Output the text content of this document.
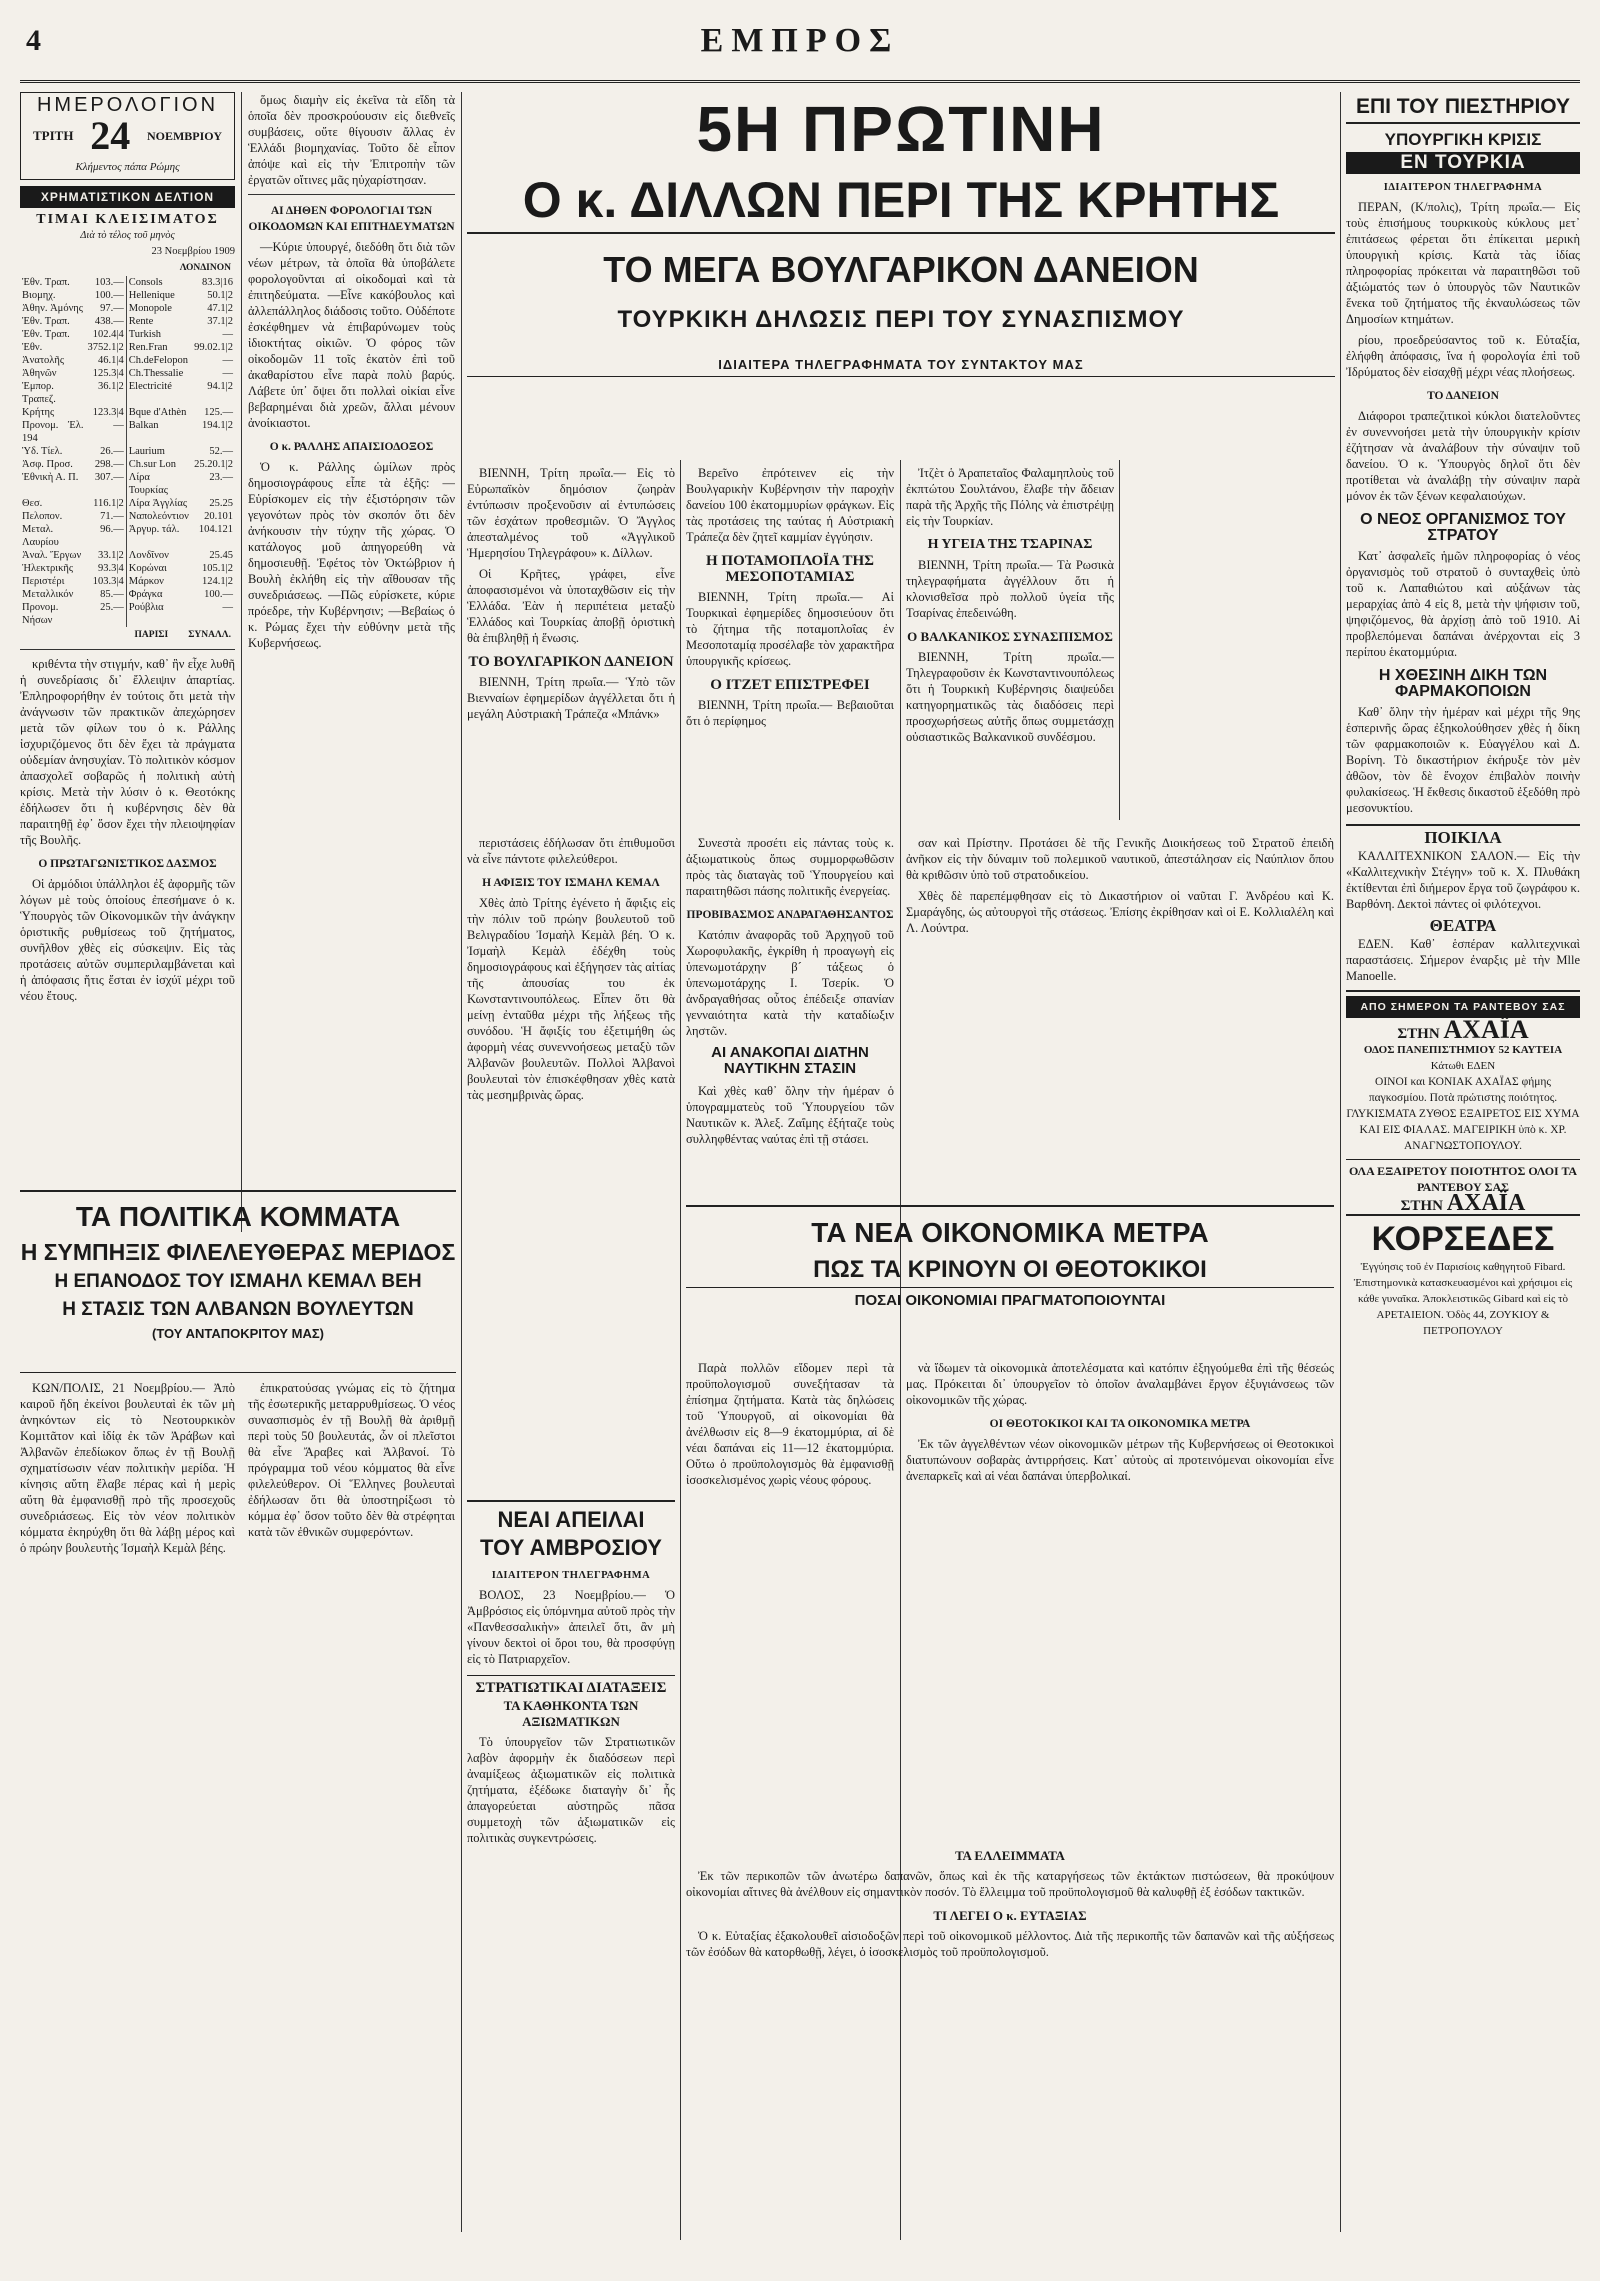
4	ΕΜΠΡΟΣ
ΗΜΕΡΟΛΟΓΙΟΝ
ΤΡΙΤΗ 24 ΝΟΕΜΒΡΙΟΥ
Κλήμεντος πάπα Ρώμης
ΧΡΗΜΑΤΙΣΤΙΚΟΝ ΔΕΛΤΙΟΝ
ΤΙΜΑΙ ΚΛΕΙΣΙΜΑΤΟΣ
Διὰ τὸ τέλος τοῦ μηνὸς
23 Νοεμβρίου 1909

ΛΟΝΔΙΝΟΝ
Ἐθν. Τραπ.	103.—	Consols	83.3|16
Βιομηχ.	100.—	Hellenique	50.1|2
Ἀθην. Ἀμόνης	97.—	Monopole	47.1|2
Ἐθν. Τραπ.	438.—	Rente	37.1|2
Ἐθν. Τραπ.	102.4|4	Turkish	—
Ἐθν.	3752.1|2	Ren.Fran	99.02.1|2
Ἀνατολῆς	46.1|4	Ch.deFelopon	—
Ἀθηνῶν	125.3|4	Ch.Thessalie	—
Ἐμπορ. Τραπεζ.	36.1|2	Electricité	94.1|2
Κρήτης	123.3|4	Bque d'Athèn	125.—
Προνομ. Ἐλ. 194	—	Balkan	194.1|2
Ὑδ. Τίελ.	26.—	Laurium	52.—
Ἀσφ. Προσ.	298.—	Ch.sur Lon	25.20.1|2
Ἐθνικὴ Α. Π.	307.—	Λίρα Τουρκίας	23.—
Θεσ.	116.1|2	Λίρα Ἀγγλίας	25.25
Πελοπον.	71.—	Ναπολεόντιον	20.101
Μεταλ. Λαυρίου	96.—	Ἀργυρ. τάλ.	104.121
Ἀναλ. Ἔργων	33.1|2	Λονδῖνον	25.45
Ἠλεκτρικῆς	93.3|4	Κορώναι	105.1|2
Περιστέρι	103.3|4	Μάρκον	124.1|2
Μεταλλικόν	85.—	Φράγκα	100.—
Προνομ. Νήσων	25.—	Ρούβλια	—
ΠΑΡΙΣΙ ΣΥΝΑΛΛ.

κριθέντα τὴν στιγμήν, καθ᾿ ἣν εἶχε λυθῆ ἡ συνεδρίασις δι᾿ ἔλλειψιν ἀπαρτίας. Ἐπληροφορήθην ἐν τούτοις ὅτι μετὰ τὴν ἀνάγνωσιν τῶν πρακτικῶν ἀπεχώρησεν μετὰ τῶν φίλων του ὁ κ. Ράλλης ἰσχυριζόμενος ὅτι δὲν ἔχει τὰ πράγματα οὐδεμίαν ἀνησυχίαν. Τὸ πολιτικὸν κόσμον ἀπασχολεῖ σοβαρῶς ἡ πολιτικὴ αὐτὴ κρίσις. Μετὰ τὴν λύσιν ὁ κ. Θεοτόκης ἐδήλωσεν ὅτι ἡ κυβέρνησις δὲν θὰ παραιτηθῇ ἐφ᾿ ὅσον ἔχει τὴν πλειοψηφίαν τῆς Βουλῆς.

Ο ΠΡΩΤΑΓΩΝΙΣΤΙΚΟΣ ΔΑΣΜΟΣ

Οἱ ἀρμόδιοι ὑπάλληλοι ἐξ ἀφορμῆς τῶν λόγων μὲ τοὺς ὁποίους ἐπεσήμανε ὁ κ. Ὑπουργὸς τῶν Οἰκονομικῶν τὴν ἀνάγκην ὁριστικῆς ρυθμίσεως τοῦ ζητήματος, συνῆλθον χθὲς εἰς σύσκεψιν. Εἰς τὰς προτάσεις αὐτῶν συμπεριλαμβάνεται καὶ ἡ ἀπόφασις ἥτις ἔσται ἐν ἰσχύϊ μέχρι τοῦ νέου ἔτους.

ὅμως διαμὴν εἰς ἐκεῖνα τὰ εἴδη τὰ ὁποῖα δὲν προσκρούουσιν εἰς διεθνεῖς συμβάσεις, οὔτε θίγουσιν ἄλλας ἐν Ἑλλάδι βιομηχανίας. Τοῦτο δὲ εἶπον ἀπόψε καὶ εἰς τὴν Ἐπιτροπὴν τῶν ἐργατῶν οἵτινες μᾶς ηὐχαρίστησαν.

ΑΙ ΔΗΘΕΝ ΦΟΡΟΛΟΓΙΑΙ ΤΩΝ ΟΙΚΟΔΟΜΩΝ ΚΑΙ ΕΠΙΤΗΔΕΥΜΑΤΩΝ

—Κύριε ὑπουργέ, διεδόθη ὅτι διὰ τῶν νέων μέτρων, τὰ ὁποῖα θὰ ὑποβάλετε φορολογοῦνται αἱ οἰκοδομαὶ καὶ τὰ ἐπιτηδεύματα. —Εἶνε κακόβουλος καὶ ἀλλεπάλληλος διάδοσις τοῦτο. Οὐδέποτε ἐσκέφθημεν νὰ ἐπιβαρύνωμεν τοὺς ἰδιοκτήτας οἰκιῶν. Ὁ φόρος τῶν οἰκοδομῶν 11 τοῖς ἑκατὸν ἐπὶ τοῦ ἀκαθαρίστου εἶνε παρὰ πολὺ βαρύς. Λάβετε ὑπ᾿ ὄψει ὅτι πολλαὶ οἰκίαι εἶνε βεβαρημέναι διὰ χρεῶν, ἄλλαι μένουν ἀνοίκιαστοι.

Ο κ. ΡΑΛΛΗΣ ΑΠΑΙΣΙΟΔΟΞΟΣ

Ὁ κ. Ράλλης ὡμίλων πρὸς δημοσιογράφους εἶπε τὰ ἑξῆς: —Εὑρίσκομεν εἰς τὴν ἐξιστόρησιν τῶν γεγονότων πρὸς τὸν σκοπόν ὅτι δὲν ἀνήκουσιν τὴν τύχην τῆς χώρας. Ὁ κατάλογος μοῦ ἀπηγορεύθη νὰ δημοσιευθῇ. Ἐφέτος τὸν Ὀκτώβριον ἡ Βουλὴ ἐκλήθη εἰς τὴν αἴθουσαν τῆς συνεδριάσεως. —Πῶς εὑρίσκετε, κύριε πρόεδρε, τὴν Κυβέρνησιν; —Βεβαίως ὁ κ. Ρώμας ἔχει τὴν εὐθύνην μετὰ τῆς Κυβερνήσεως.

5Η ΠΡΩΤΙΝΗ
Ο κ. ΔΙΛΛΩΝ ΠΕΡΙ ΤΗΣ ΚΡΗΤΗΣ
ΤΟ ΜΕΓΑ ΒΟΥΛΓΑΡΙΚΟΝ ΔΑΝΕΙΟΝ
ΤΟΥΡΚΙΚΗ ΔΗΛΩΣΙΣ ΠΕΡΙ ΤΟΥ ΣΥΝΑΣΠΙΣΜΟΥ
ΙΔΙΑΙΤΕΡΑ ΤΗΛΕΓΡΑΦΗΜΑΤΑ ΤΟΥ ΣΥΝΤΑΚΤΟΥ ΜΑΣ

ΒΙΕΝΝΗ, Τρίτη πρωΐα.— Εἰς τὸ Εὐρωπαϊκὸν δημόσιον ζωηρὰν ἐντύπωσιν προξενοῦσιν αἱ ἐντυπώσεις τῶν ἐσχάτων προθεσμιῶν. Ὁ Ἄγγλος ἀπεσταλμένος τοῦ «Ἀγγλικοῦ Ἡμερησίου Τηλεγράφου» κ. Δίλλων.

Οἱ Κρῆτες, γράφει, εἶνε ἀποφασισμένοι νὰ ὑποταχθῶσιν εἰς τὴν Ἑλλάδα. Ἐὰν ἡ περιπέτεια μεταξὺ Ἑλλάδος καὶ Τουρκίας ἀποβῇ ὁριστικὴ θὰ ἐπιβληθῇ ἡ ἕνωσις.

ΤΟ ΒΟΥΛΓΑΡΙΚΟΝ ΔΑΝΕΙΟΝ

ΒΙΕΝΝΗ, Τρίτη πρωΐα.— Ὑπὸ τῶν Βιενναίων ἐφημερίδων ἀγγέλλεται ὅτι ἡ μεγάλη Αὐστριακὴ Τράπεζα «Μπάνκ»

Βερεῖνο ἐπρότεινεν εἰς τὴν Βουλγαρικὴν Κυβέρνησιν τὴν παροχὴν δανείου 100 ἑκατομμυρίων φράγκων. Εἰς τὰς προτάσεις της ταύτας ἡ Αὐστριακὴ Τράπεζα δὲν ζητεῖ καμμίαν ἐγγύησιν.

Η ΠΟΤΑΜΟΠΛΟΪΑ ΤΗΣ ΜΕΣΟΠΟΤΑΜΙΑΣ

ΒΙΕΝΝΗ, Τρίτη πρωΐα.— Αἱ Τουρκικαὶ ἐφημερίδες δημοσιεύουν ὅτι τὸ ζήτημα τῆς ποταμοπλοΐας ἐν Μεσοποταμίᾳ προσέλαβε τὸν χαρακτῆρα ὑπουργικῆς κρίσεως.

Ο ΙΤΖΕΤ ΕΠΙΣΤΡΕΦΕΙ

ΒΙΕΝΝΗ, Τρίτη πρωΐα.— Βεβαιοῦται ὅτι ὁ περίφημος

Ἰτζὲτ ὁ Ἀραπεταῖος Φαλαμηπλοὺς τοῦ ἐκπτώτου Σουλτάνου, ἔλαβε τὴν ἄδειαν παρὰ τῆς Ἀρχῆς τῆς Πόλης νὰ ἐπιστρέψῃ εἰς τὴν Τουρκίαν.

Η ΥΓΕΙΑ ΤΗΣ ΤΣΑΡΙΝΑΣ

ΒΙΕΝΝΗ, Τρίτη πρωΐα.— Τὰ Ρωσικὰ τηλεγραφήματα ἀγγέλλουν ὅτι ἡ κλονισθεῖσα πρὸ πολλοῦ ὑγεία τῆς Τσαρίνας ἐπεδεινώθη.

Ο ΒΑΛΚΑΝΙΚΟΣ ΣΥΝΑΣΠΙΣΜΟΣ

ΒΙΕΝΝΗ, Τρίτη πρωΐα.— Τηλεγραφοῦσιν ἐκ Κωνσταντινουπόλεως ὅτι ἡ Τουρκικὴ Κυβέρνησις διαψεύδει κατηγορηματικῶς τὰς διαδόσεις περὶ προσχωρήσεως αὐτῆς ὅπως συμμετάσχῃ οὐσιαστικῶς Βαλκανικοῦ συνδέσμου.

ΕΠΙ ΤΟΥ ΠΙΕΣΤΗΡΙΟΥ
ΥΠΟΥΡΓΙΚΗ ΚΡΙΣΙΣ
ΕΝ ΤΟΥΡΚΙΑ
ΙΔΙΑΙΤΕΡΟΝ ΤΗΛΕΓΡΑΦΗΜΑ

ΠΕΡΑΝ, (Κ/πολις), Τρίτη πρωΐα.— Εἰς τοὺς ἐπισήμους τουρκικοὺς κύκλους μετ᾿ ἐπιτάσεως φέρεται ὅτι ἐπίκειται μερικὴ ὑπουργικὴ κρίσις. Κατὰ τὰς ἰδίας πληροφορίας πρόκειται νὰ παραιτηθῶσι τοῦ ἀξιώματός των ὁ ὑπουργὸς τῶν Ναυτικῶν ἕνεκα τοῦ ζητήματος τῆς ἐκναυλώσεως τῶν Δημοσίων κτημάτων.

ρίου, προεδρεύσαντος τοῦ κ. Εὐταξία, ἐλήφθη ἀπόφασις, ἵνα ἡ φορολογία ἐπὶ τοῦ Ἰδρύματος δὲν εἰσαχθῇ μέχρι νέας πλοήσεως.

ΤΟ ΔΑΝΕΙΟΝ

Διάφοροι τραπεζιτικοὶ κύκλοι διατελοῦντες ἐν συνεννοήσει μετὰ τὴν ὑπουργικὴν κρίσιν ἐζήτησαν νὰ ἀναλάβουν τὴν σύναψιν τοῦ δανείου. Ὁ κ. Ὑπουργὸς δηλοῖ ὅτι δὲν προτίθεται νὰ ἀναλάβῃ τὴν σύναψιν παρὰ μόνον ἐκ τῶν ξένων κεφαλαιούχων.

Ο ΝΕΟΣ ΟΡΓΑΝΙΣΜΟΣ ΤΟΥ ΣΤΡΑΤΟΥ

Κατ᾿ ἀσφαλεῖς ἡμῶν πληροφορίας ὁ νέος ὀργανισμὸς τοῦ στρατοῦ ὁ συνταχθεὶς ὑπὸ τοῦ κ. Λαπαθιώτου καὶ αὐξάνων τὰς μεραρχίας ἀπὸ 4 εἰς 8, μετὰ τὴν ψήφισιν τοῦ, ψηφιζόμενος, θὰ ἀρχίσῃ ἀπὸ τοῦ 1910. Αἱ προβλεπόμεναι δαπάναι ἀνέρχονται εἰς 3 περίπου ἑκατομμύρια.

Η ΧΘΕΣΙΝΗ ΔΙΚΗ ΤΩΝ ΦΑΡΜΑΚΟΠΟΙΩΝ

Καθ᾿ ὅλην τὴν ἡμέραν καὶ μέχρι τῆς 9ης ἑσπερινῆς ὥρας ἐξηκολούθησεν χθὲς ἡ δίκη τῶν φαρμακοποιῶν κ. Εὐαγγέλου καὶ Δ. Βορίνη. Τὸ δικαστήριον ἐκήρυξε τὸν μὲν ἀθῶον, τὸν δὲ ἔνοχον ἐπιβαλὸν ποινὴν φυλακίσεως. Ἡ ἔκθεσις δικαστοῦ ἐξεδόθη πρὸ μεσονυκτίου.

ΠΟΙΚΙΛΑ

ΚΑΛΛΙΤΕΧΝΙΚΟΝ ΣΑΛΟΝ.— Εἰς τὴν «Καλλιτεχνικὴν Στέγην» τοῦ κ. Χ. Πλυθάκη ἐκτίθενται ἐπὶ διήμερον ἔργα τοῦ ζωγράφου κ. Βαρθόνη. Δεκτοὶ πάντες οἱ φιλότεχνοι.

ΘΕΑΤΡΑ

ΕΔΕΝ. Καθ᾿ ἑσπέραν καλλιτεχνικαὶ παραστάσεις. Σήμερον ἐναρξις μὲ τὴν Mlle Manoelle.

ΑΠΟ ΣΗΜΕΡΟΝ ΤΑ ΡΑΝΤΕΒΟΥ ΣΑΣ
ΣΤΗΝ ΑΧΑΪΑ
ΟΔΟΣ ΠΑΝΕΠΙΣΤΗΜΙΟΥ 52 ΚΑΥΤΕΙΑ
Κάτωθι ΕΔΕΝ

ΟΙΝΟΙ και ΚΟΝΙΑΚ ΑΧΑΪΑΣ φήμης παγκοσμίου. Ποτὰ πρώτιστης ποιότητος. ΓΛΥΚΙΣΜΑΤΑ ΖΥΘΟΣ ΕΞΑΙΡΕΤΟΣ ΕΙΣ ΧΥΜΑ ΚΑΙ ΕΙΣ ΦΙΑΛΑΣ. ΜΑΓΕΙΡΙΚΗ ὑπὸ κ. ΧΡ. ΑΝΑΓΝΩΣΤΟΠΟΥΛΟΥ.

ΟΛΑ ΕΞΑΙΡΕΤΟΥ ΠΟΙΟΤΗΤΟΣ ΟΛΟΙ ΤΑ ΡΑΝΤΕΒΟΥ ΣΑΣ
ΣΤΗΝ ΑΧΑΪΑ
ΚΟΡΣΕΔΕΣ

Ἐγγύησις τοῦ ἐν Παρισίοις καθηγητοῦ Fibard. Ἐπιστημονικὰ κατασκευασμένοι καὶ χρήσιμοι εἰς κάθε γυναῖκα. Ἀποκλειστικῶς Gibard καὶ εἰς τὸ ΑΡΕΤΑΙΕΙΟΝ. Ὁδὸς 44, ΖΟΥΚΙΟΥ & ΠΕΤΡΟΠΟΥΛΟΥ

ΤΑ ΠΟΛΙΤΙΚΑ ΚΟΜΜΑΤΑ
Η ΣΥΜΠΗΞΙΣ ΦΙΛΕΛΕΥΘΕΡΑΣ ΜΕΡΙΔΟΣ
Η ΕΠΑΝΟΔΟΣ ΤΟΥ ΙΣΜΑΗΛ ΚΕΜΑΛ ΒΕΗ
Η ΣΤΑΣΙΣ ΤΩΝ ΑΛΒΑΝΩΝ ΒΟΥΛΕΥΤΩΝ
(ΤΟΥ ΑΝΤΑΠΟΚΡΙΤΟΥ ΜΑΣ)

ΚΩΝ/ΠΟΛΙΣ, 21 Νοεμβρίου.— Ἀπὸ καιροῦ ἤδη ἐκείνοι βουλευταὶ ἐκ τῶν μὴ ἀνηκόντων εἰς τὸ Νεοτουρκικὸν Κομιτᾶτον καὶ ἰδίᾳ ἐκ τῶν Ἀράβων καὶ Ἀλβανῶν ἐπεδίωκον ὅπως ἐν τῇ Βουλῇ σχηματίσωσιν νέαν πολιτικὴν μερίδα. Ἡ κίνησις αὕτη ἔλαβε πέρας καὶ ἡ μερὶς αὕτη θὰ ἐμφανισθῇ πρὸ τῆς προσεχοῦς συνεδριάσεως. Εἰς τὸν νέον πολιτικὸν κόμματα ἐκηρύχθη ὅτι θὰ λάβῃ μέρος καὶ ὁ πρώην βουλευτὴς Ἰσμαὴλ Κεμὰλ βέης.

ἐπικρατούσας γνώμας εἰς τὸ ζήτημα τῆς ἐσωτερικῆς μεταρρυθμίσεως. Ὁ νέος συνασπισμὸς ἐν τῇ Βουλῇ θὰ ἀριθμῇ περὶ τοὺς 50 βουλευτάς, ὧν οἱ πλεῖστοι θὰ εἶνε Ἄραβες καὶ Ἀλβανοί. Τὸ πρόγραμμα τοῦ νέου κόμματος θὰ εἶνε φιλελεύθερον. Οἱ Ἕλληνες βουλευταὶ ἐδήλωσαν ὅτι θὰ ὑποστηρίξωσι τὸ κόμμα ἐφ᾿ ὅσον τοῦτο δὲν θὰ στρέφηται κατὰ τῶν ἐθνικῶν συμφερόντων.

περιστάσεις ἐδήλωσαν ὅτι ἐπιθυμοῦσι νὰ εἶνε πάντοτε φιλελεύθεροι.

Η ΑΦΙΞΙΣ ΤΟΥ ΙΣΜΑΗΛ ΚΕΜΑΛ

Χθὲς ἀπὸ Τρίτης ἐγένετο ἡ ἄφιξις εἰς τὴν πόλιν τοῦ πρώην βουλευτοῦ τοῦ Βελιγραδίου Ἰσμαὴλ Κεμὰλ βέη. Ὁ κ. Ἰσμαὴλ Κεμὰλ ἐδέχθη τοὺς δημοσιογράφους καὶ ἐξήγησεν τὰς αἰτίας τῆς ἀπουσίας του ἐκ Κωνσταντινουπόλεως. Εἶπεν ὅτι θὰ μείνῃ ἐνταῦθα μέχρι τῆς λήξεως τῆς συνόδου. Ἡ ἄφιξίς του ἐξετιμήθη ὡς ἀφορμὴ νέας συνεννοήσεως μεταξὺ τῶν Ἀλβανῶν βουλευτῶν. Πολλοὶ Ἀλβανοὶ βουλευταὶ τὸν ἐπισκέφθησαν χθὲς κατὰ τὰς μεσημβρινὰς ὥρας.

Συνεστὰ προσέτι εἰς πάντας τοὺς κ. ἀξιωματικοὺς ὅπως συμμορφωθῶσιν πρὸς τὰς διαταγὰς τοῦ Ὑπουργείου καὶ παραιτηθῶσι πάσης πολιτικῆς ἐνεργείας.

ΠΡΟΒΙΒΑΣΜΟΣ ΑΝΔΡΑΓΑΘΗΣΑΝΤΟΣ

Κατόπιν ἀναφορᾶς τοῦ Ἀρχηγοῦ τοῦ Χωροφυλακῆς, ἐγκρίθη ἡ προαγωγὴ εἰς ὑπενωμοτάρχην β´ τάξεως ὁ ὑπενωμοτάρχης Ι. Τσερίκ. Ὁ ἀνδραγαθήσας οὗτος ἐπέδειξε σπανίαν γενναιότητα κατὰ τὴν καταδίωξιν ληστῶν.

ΑΙ ΑΝΑΚΟΠΑΙ ΔΙΑΤΗΝ ΝΑΥΤΙΚΗΝ ΣΤΑΣΙΝ

Καὶ χθὲς καθ᾿ ὅλην τὴν ἡμέραν ὁ ὑπογραμματεὺς τοῦ Ὑπουργείου τῶν Ναυτικῶν κ. Ἀλεξ. Ζαΐμης ἐξήταζε τοὺς συλληφθέντας ναύτας ἐπὶ τῇ στάσει.

σαν καὶ Πρίστην. Προτάσει δὲ τῆς Γενικῆς Διοικήσεως τοῦ Στρατοῦ ἐπειδὴ ἀνῆκον εἰς τὴν δύναμιν τοῦ πολεμικοῦ ναυτικοῦ, ἀπεστάλησαν εἰς Ναύπλιον ὅπου θὰ κριθῶσιν ὑπὸ τοῦ στρατοδικείου.

Χθὲς δὲ παρεπέμφθησαν εἰς τὸ Δικαστήριον οἱ ναῦται Γ. Ἀνδρέου καὶ Κ. Σμαράγδης, ὡς αὐτουργοὶ τῆς στάσεως. Ἐπίσης ἐκρίθησαν καὶ οἱ Ε. Κολλιαλέλη καὶ Λ. Λούντρα.

ΤΑ ΝΕΑ ΟΙΚΟΝΟΜΙΚΑ ΜΕΤΡΑ
ΠΩΣ ΤΑ ΚΡΙΝΟΥΝ ΟΙ ΘΕΟΤΟΚΙΚΟΙ
ΠΟΣΑΙ ΟΙΚΟΝΟΜΙΑΙ ΠΡΑΓΜΑΤΟΠΟΙΟΥΝΤΑΙ

Παρὰ πολλῶν εἴδομεν περὶ τὰ προϋπολογισμοῦ συνεξήτασαν τὰ ἐπίσημα ζητήματα. Κατὰ τὰς δηλώσεις τοῦ Ὑπουργοῦ, αἱ οἰκονομίαι θὰ ἀνέλθωσιν εἰς 8—9 ἑκατομμύρια, αἱ δὲ νέαι δαπάναι εἰς 11—12 ἑκατομμύρια. Οὕτω ὁ προϋπολογισμὸς θὰ ἐμφανισθῇ ἰσοσκελισμένος χωρὶς νέους φόρους.

νὰ ἴδωμεν τὰ οἰκονομικὰ ἀποτελέσματα καὶ κατόπιν ἐξηγούμεθα ἐπὶ τῆς θέσεώς μας. Πρόκειται δι᾿ ὑπουργεῖον τὸ ὁποῖον ἀναλαμβάνει ἔργον ἐξυγιάνσεως τῶν οἰκονομικῶν τῆς χώρας.

ΟΙ ΘΕΟΤΟΚΙΚΟΙ ΚΑΙ ΤΑ ΟΙΚΟΝΟΜΙΚΑ ΜΕΤΡΑ

Ἐκ τῶν ἀγγελθέντων νέων οἰκονομικῶν μέτρων τῆς Κυβερνήσεως οἱ Θεοτοκικοὶ διατυπώνουν σοβαρὰς ἀντιρρήσεις. Κατ᾿ αὐτοὺς αἱ προτεινόμεναι οἰκονομίαι εἶνε ἀνεπαρκεῖς καὶ αἱ νέαι δαπάναι ὑπερβολικαί.

ΝΕΑΙ ΑΠΕΙΛΑΙ
ΤΟΥ ΑΜΒΡΟΣΙΟΥ
ΙΔΙΑΙΤΕΡΟΝ ΤΗΛΕΓΡΑΦΗΜΑ

ΒΟΛΟΣ, 23 Νοεμβρίου.— Ὁ Ἀμβρόσιος εἰς ὑπόμνημα αὐτοῦ πρὸς τὴν «Πανθεσσαλικὴν» ἀπειλεῖ ὅτι, ἂν μὴ γίνουν δεκτοὶ οἱ ὅροι του, θὰ προσφύγῃ εἰς τὸ Πατριαρχεῖον.

ΣΤΡΑΤΙΩΤΙΚΑΙ ΔΙΑΤΑΞΕΙΣ
ΤΑ ΚΑΘΗΚΟΝΤΑ ΤΩΝ ΑΞΙΩΜΑΤΙΚΩΝ

Τὸ ὑπουργεῖον τῶν Στρατιωτικῶν λαβὸν ἀφορμὴν ἐκ διαδόσεων περὶ ἀναμίξεως ἀξιωματικῶν εἰς πολιτικὰ ζητήματα, ἐξέδωκε διαταγὴν δι᾿ ἧς ἀπαγορεύεται αὐστηρῶς πᾶσα συμμετοχὴ τῶν ἀξιωματικῶν εἰς πολιτικὰς συγκεντρώσεις.

ΤΑ ΕΛΛΕΙΜΜΑΤΑ

Ἐκ τῶν περικοπῶν τῶν ἀνωτέρω δαπανῶν, ὅπως καὶ ἐκ τῆς καταργήσεως τῶν ἐκτάκτων πιστώσεων, θὰ προκύψουν οἰκονομίαι αἵτινες θὰ ἀνέλθουν εἰς σημαντικὸν ποσόν. Τὸ ἔλλειμμα τοῦ προϋπολογισμοῦ θὰ καλυφθῇ ἐξ ἐσόδων τακτικῶν.

ΤΙ ΛΕΓΕΙ Ο κ. ΕΥΤΑΞΙΑΣ

Ὁ κ. Εὐταξίας ἐξακολουθεῖ αἰσιοδοξῶν περὶ τοῦ οἰκονομικοῦ μέλλοντος. Διὰ τῆς περικοπῆς τῶν δαπανῶν καὶ τῆς αὐξήσεως τῶν ἐσόδων θὰ κατορθωθῇ, λέγει, ὁ ἰσοσκελισμὸς τοῦ προϋπολογισμοῦ.
